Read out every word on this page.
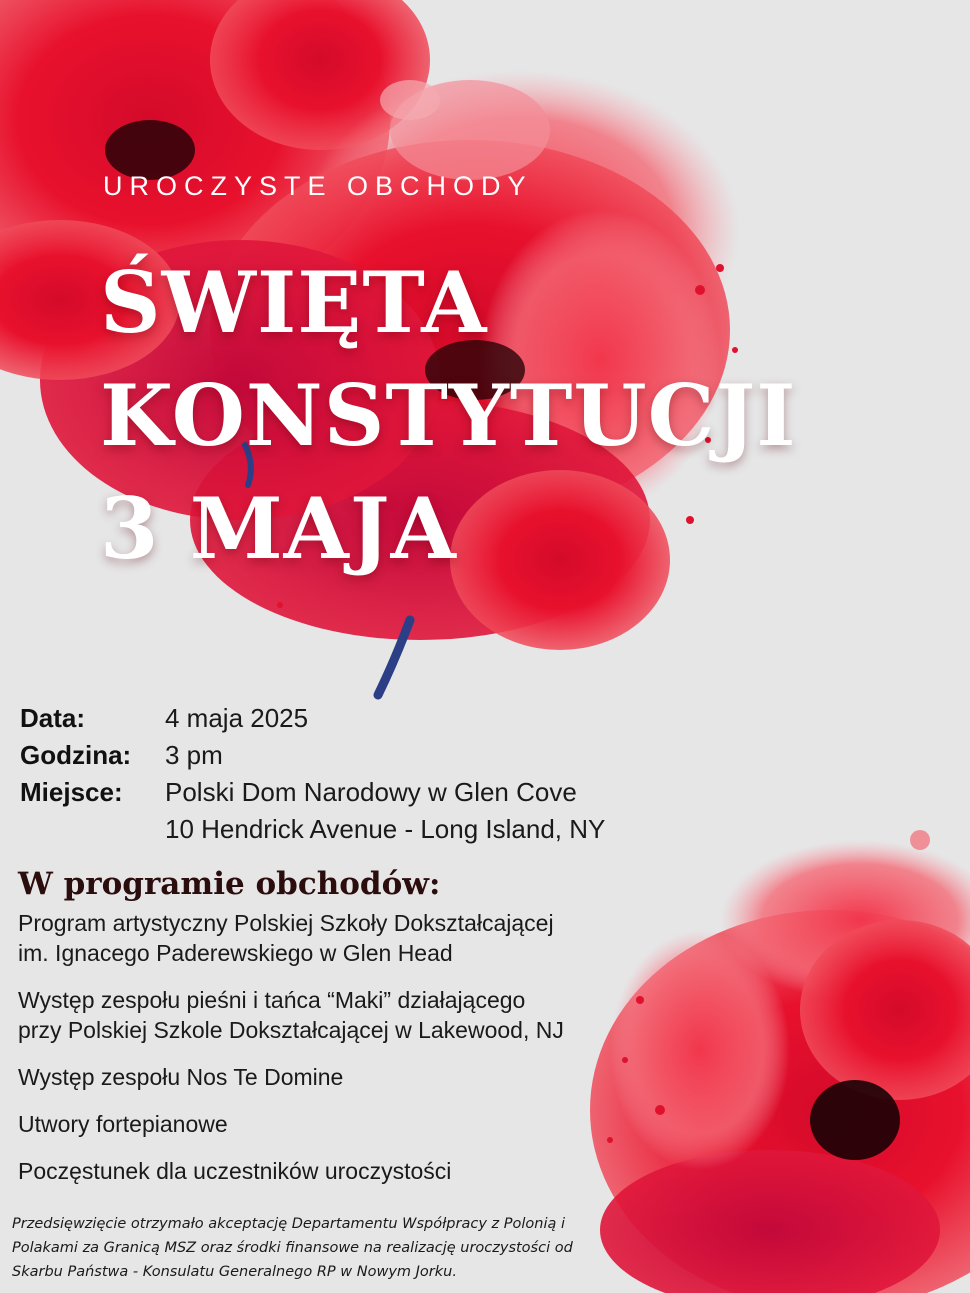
UROCZYSTE OBCHODY
ŚWIĘTA
KONSTYTUCJI
3 MAJA
Data:	4 maja 2025
Godzina:	3 pm
Miejsce:	Polski Dom Narodowy w Glen Cove
10 Hendrick Avenue - Long Island, NY
W programie obchodów:
Program artystyczny Polskiej Szkoły Dokształcającej
im. Ignacego Paderewskiego w Glen Head
Występ zespołu pieśni i tańca “Maki” działającego
przy Polskiej Szkole Dokształcającej w Lakewood, NJ
Występ zespołu Nos Te Domine
Utwory fortepianowe
Poczęstunek dla uczestników uroczystości
Przedsięwzięcie otrzymało akceptację Departamentu Współpracy z Polonią i
Polakami za Granicą MSZ oraz środki finansowe na realizację uroczystości od
Skarbu Państwa - Konsulatu Generalnego RP w Nowym Jorku.
